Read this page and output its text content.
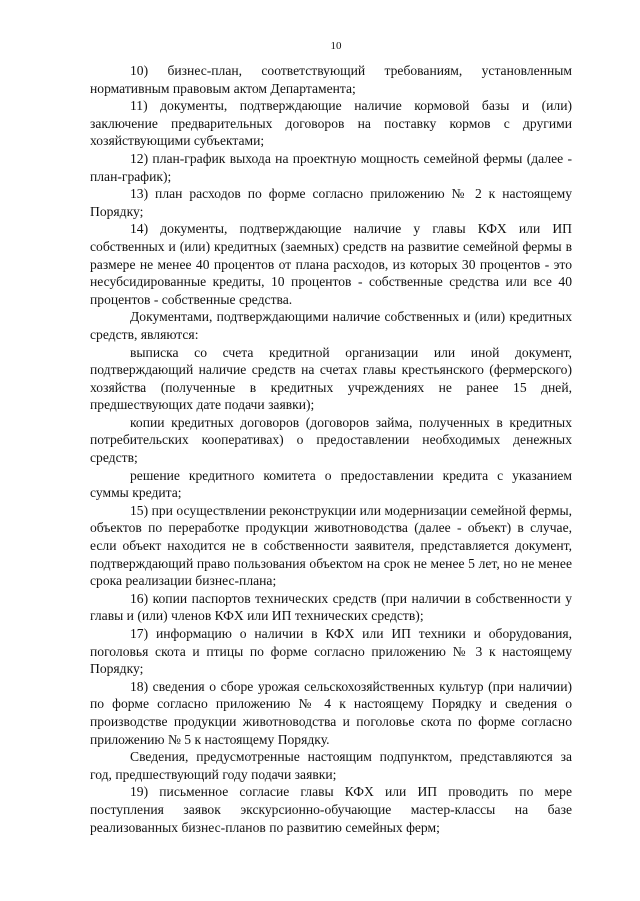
10

10) бизнес-план, соответствующий требованиям, установленным нормативным правовым актом Департамента;

11) документы, подтверждающие наличие кормовой базы и (или) заключение предварительных договоров на поставку кормов с другими хозяйствующими субъектами;

12) план-график выхода на проектную мощность семейной фермы (далее - план-график);

13) план расходов по форме согласно приложению № 2 к настоящему Порядку;

14) документы, подтверждающие наличие у главы КФХ или ИП собственных и (или) кредитных (заемных) средств на развитие семейной фермы в размере не менее 40 процентов от плана расходов, из которых 30 процентов - это несубсидированные кредиты, 10 процентов - собственные средства или все 40 процентов - собственные средства.

Документами, подтверждающими наличие собственных и (или) кредитных средств, являются:

выписка со счета кредитной организации или иной документ, подтверждающий наличие средств на счетах главы крестьянского (фермерского) хозяйства (полученные в кредитных учреждениях не ранее 15 дней, предшествующих дате подачи заявки);

копии кредитных договоров (договоров займа, полученных в кредитных потребительских кооперативах) о предоставлении необходимых денежных средств;

решение кредитного комитета о предоставлении кредита с указанием суммы кредита;

15) при осуществлении реконструкции или модернизации семейной фермы, объектов по переработке продукции животноводства (далее - объект) в случае, если объект находится не в собственности заявителя, представляется документ, подтверждающий право пользования объектом на срок не менее 5 лет, но не менее срока реализации бизнес-плана;

16) копии паспортов технических средств (при наличии в собственности у главы и (или) членов КФХ или ИП технических средств);

17) информацию о наличии в КФХ или ИП техники и оборудования, поголовья скота и птицы по форме согласно приложению № 3 к настоящему Порядку;

18) сведения о сборе урожая сельскохозяйственных культур (при наличии) по форме согласно приложению № 4 к настоящему Порядку и сведения о производстве продукции животноводства и поголовье скота по форме согласно приложению № 5 к настоящему Порядку.

Сведения, предусмотренные настоящим подпунктом, представляются за год, предшествующий году подачи заявки;

19) письменное согласие главы КФХ или ИП проводить по мере поступления заявок экскурсионно-обучающие мастер-классы на базе реализованных бизнес-планов по развитию семейных ферм;
